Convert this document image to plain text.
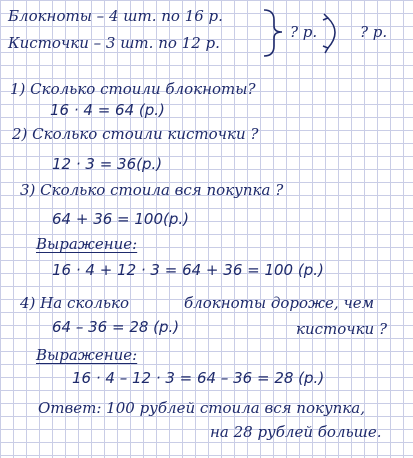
Блокноты – 4 шт. по 16 р.
Кисточки – 3 шт. по 12 р.
? р.	? р.
1) Сколько стоили блокноты?
16 · 4 = 64 (р.)
2) Сколько стоили кисточки ?
12 · 3 = 36(р.)
3) Сколько стоила вся покупка ?
64 + 36 = 100(р.)
Выражение:
16 · 4 + 12 · 3 = 64 + 36 = 100 (р.)
4) На сколько	блокноты дороже, чем
64 – 36 = 28 (р.)	кисточки ?
Выражение:
16 · 4 – 12 · 3 = 64 – 36 = 28 (р.)
Ответ: 100 рублей стоила вся покупка,
на 28 рублей больше.
